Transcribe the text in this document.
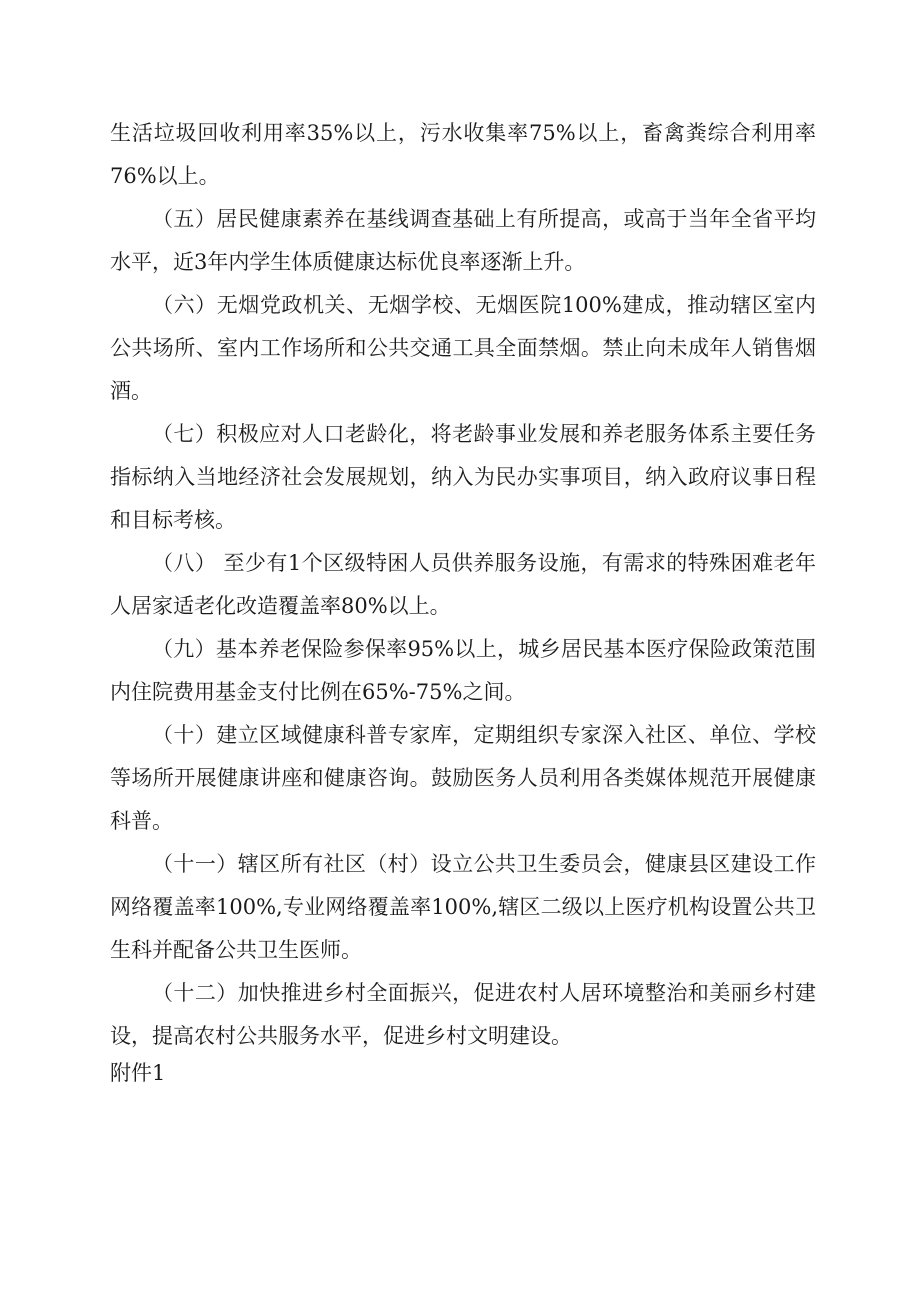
生活垃圾回收利用率35%以上，污水收集率75%以上，畜禽粪综合利用率76%以上。

（五）居民健康素养在基线调查基础上有所提高，或高于当年全省平均水平，近3年内学生体质健康达标优良率逐渐上升。

（六）无烟党政机关、无烟学校、无烟医院100%建成，推动辖区室内公共场所、室内工作场所和公共交通工具全面禁烟。禁止向未成年人销售烟酒。

（七）积极应对人口老龄化，将老龄事业发展和养老服务体系主要任务指标纳入当地经济社会发展规划，纳入为民办实事项目，纳入政府议事日程和目标考核。

（八） 至少有1个区级特困人员供养服务设施，有需求的特殊困难老年人居家适老化改造覆盖率80%以上。

（九）基本养老保险参保率95%以上，城乡居民基本医疗保险政策范围内住院费用基金支付比例在65%-75%之间。

（十）建立区域健康科普专家库，定期组织专家深入社区、单位、学校等场所开展健康讲座和健康咨询。鼓励医务人员利用各类媒体规范开展健康科普。

（十一）辖区所有社区（村）设立公共卫生委员会，健康县区建设工作网络覆盖率100%,专业网络覆盖率100%,辖区二级以上医疗机构设置公共卫生科并配备公共卫生医师。

（十二）加快推进乡村全面振兴，促进农村人居环境整治和美丽乡村建设，提高农村公共服务水平，促进乡村文明建设。

附件1
